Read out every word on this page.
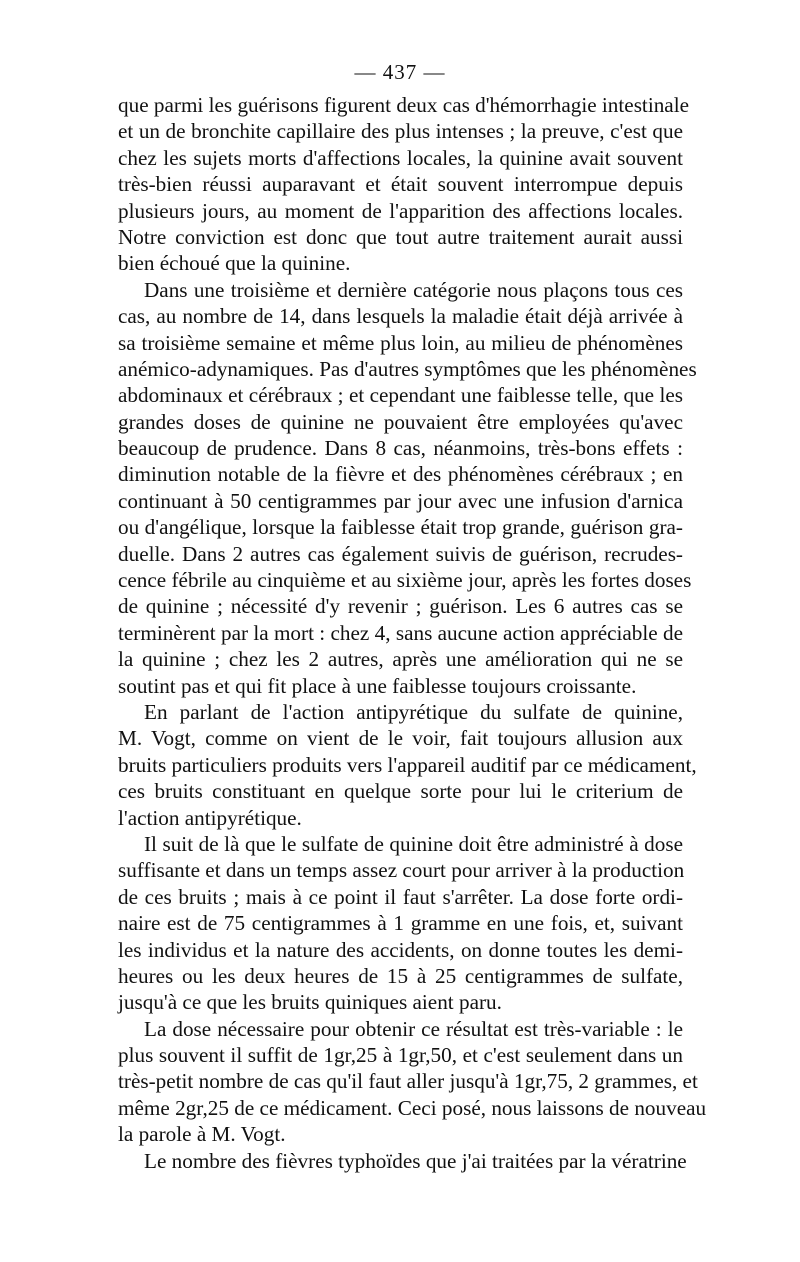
— 437 —
que parmi les guérisons figurent deux cas d'hémorrhagie intestinale
et un de bronchite capillaire des plus intenses ; la preuve, c'est que
chez les sujets morts d'affections locales, la quinine avait souvent
très-bien réussi auparavant et était souvent interrompue depuis
plusieurs jours, au moment de l'apparition des affections locales.
Notre conviction est donc que tout autre traitement aurait aussi
bien échoué que la quinine.
Dans une troisième et dernière catégorie nous plaçons tous ces
cas, au nombre de 14, dans lesquels la maladie était déjà arrivée à
sa troisième semaine et même plus loin, au milieu de phénomènes
anémico-adynamiques. Pas d'autres symptômes que les phénomènes
abdominaux et cérébraux ; et cependant une faiblesse telle, que les
grandes doses de quinine ne pouvaient être employées qu'avec
beaucoup de prudence. Dans 8 cas, néanmoins, très-bons effets :
diminution notable de la fièvre et des phénomènes cérébraux ; en
continuant à 50 centigrammes par jour avec une infusion d'arnica
ou d'angélique, lorsque la faiblesse était trop grande, guérison gra-
duelle. Dans 2 autres cas également suivis de guérison, recrudes-
cence fébrile au cinquième et au sixième jour, après les fortes doses
de quinine ; nécessité d'y revenir ; guérison. Les 6 autres cas se
terminèrent par la mort : chez 4, sans aucune action appréciable de
la quinine ; chez les 2 autres, après une amélioration qui ne se
soutint pas et qui fit place à une faiblesse toujours croissante.
En parlant de l'action antipyrétique du sulfate de quinine,
M. Vogt, comme on vient de le voir, fait toujours allusion aux
bruits particuliers produits vers l'appareil auditif par ce médicament,
ces bruits constituant en quelque sorte pour lui le criterium de
l'action antipyrétique.
Il suit de là que le sulfate de quinine doit être administré à dose
suffisante et dans un temps assez court pour arriver à la production
de ces bruits ; mais à ce point il faut s'arrêter. La dose forte ordi-
naire est de 75 centigrammes à 1 gramme en une fois, et, suivant
les individus et la nature des accidents, on donne toutes les demi-
heures ou les deux heures de 15 à 25 centigrammes de sulfate,
jusqu'à ce que les bruits quiniques aient paru.
La dose nécessaire pour obtenir ce résultat est très-variable : le
plus souvent il suffit de 1gr,25 à 1gr,50, et c'est seulement dans un
très-petit nombre de cas qu'il faut aller jusqu'à 1gr,75, 2 grammes, et
même 2gr,25 de ce médicament. Ceci posé, nous laissons de nouveau
la parole à M. Vogt.
Le nombre des fièvres typhoïdes que j'ai traitées par la vératrine
